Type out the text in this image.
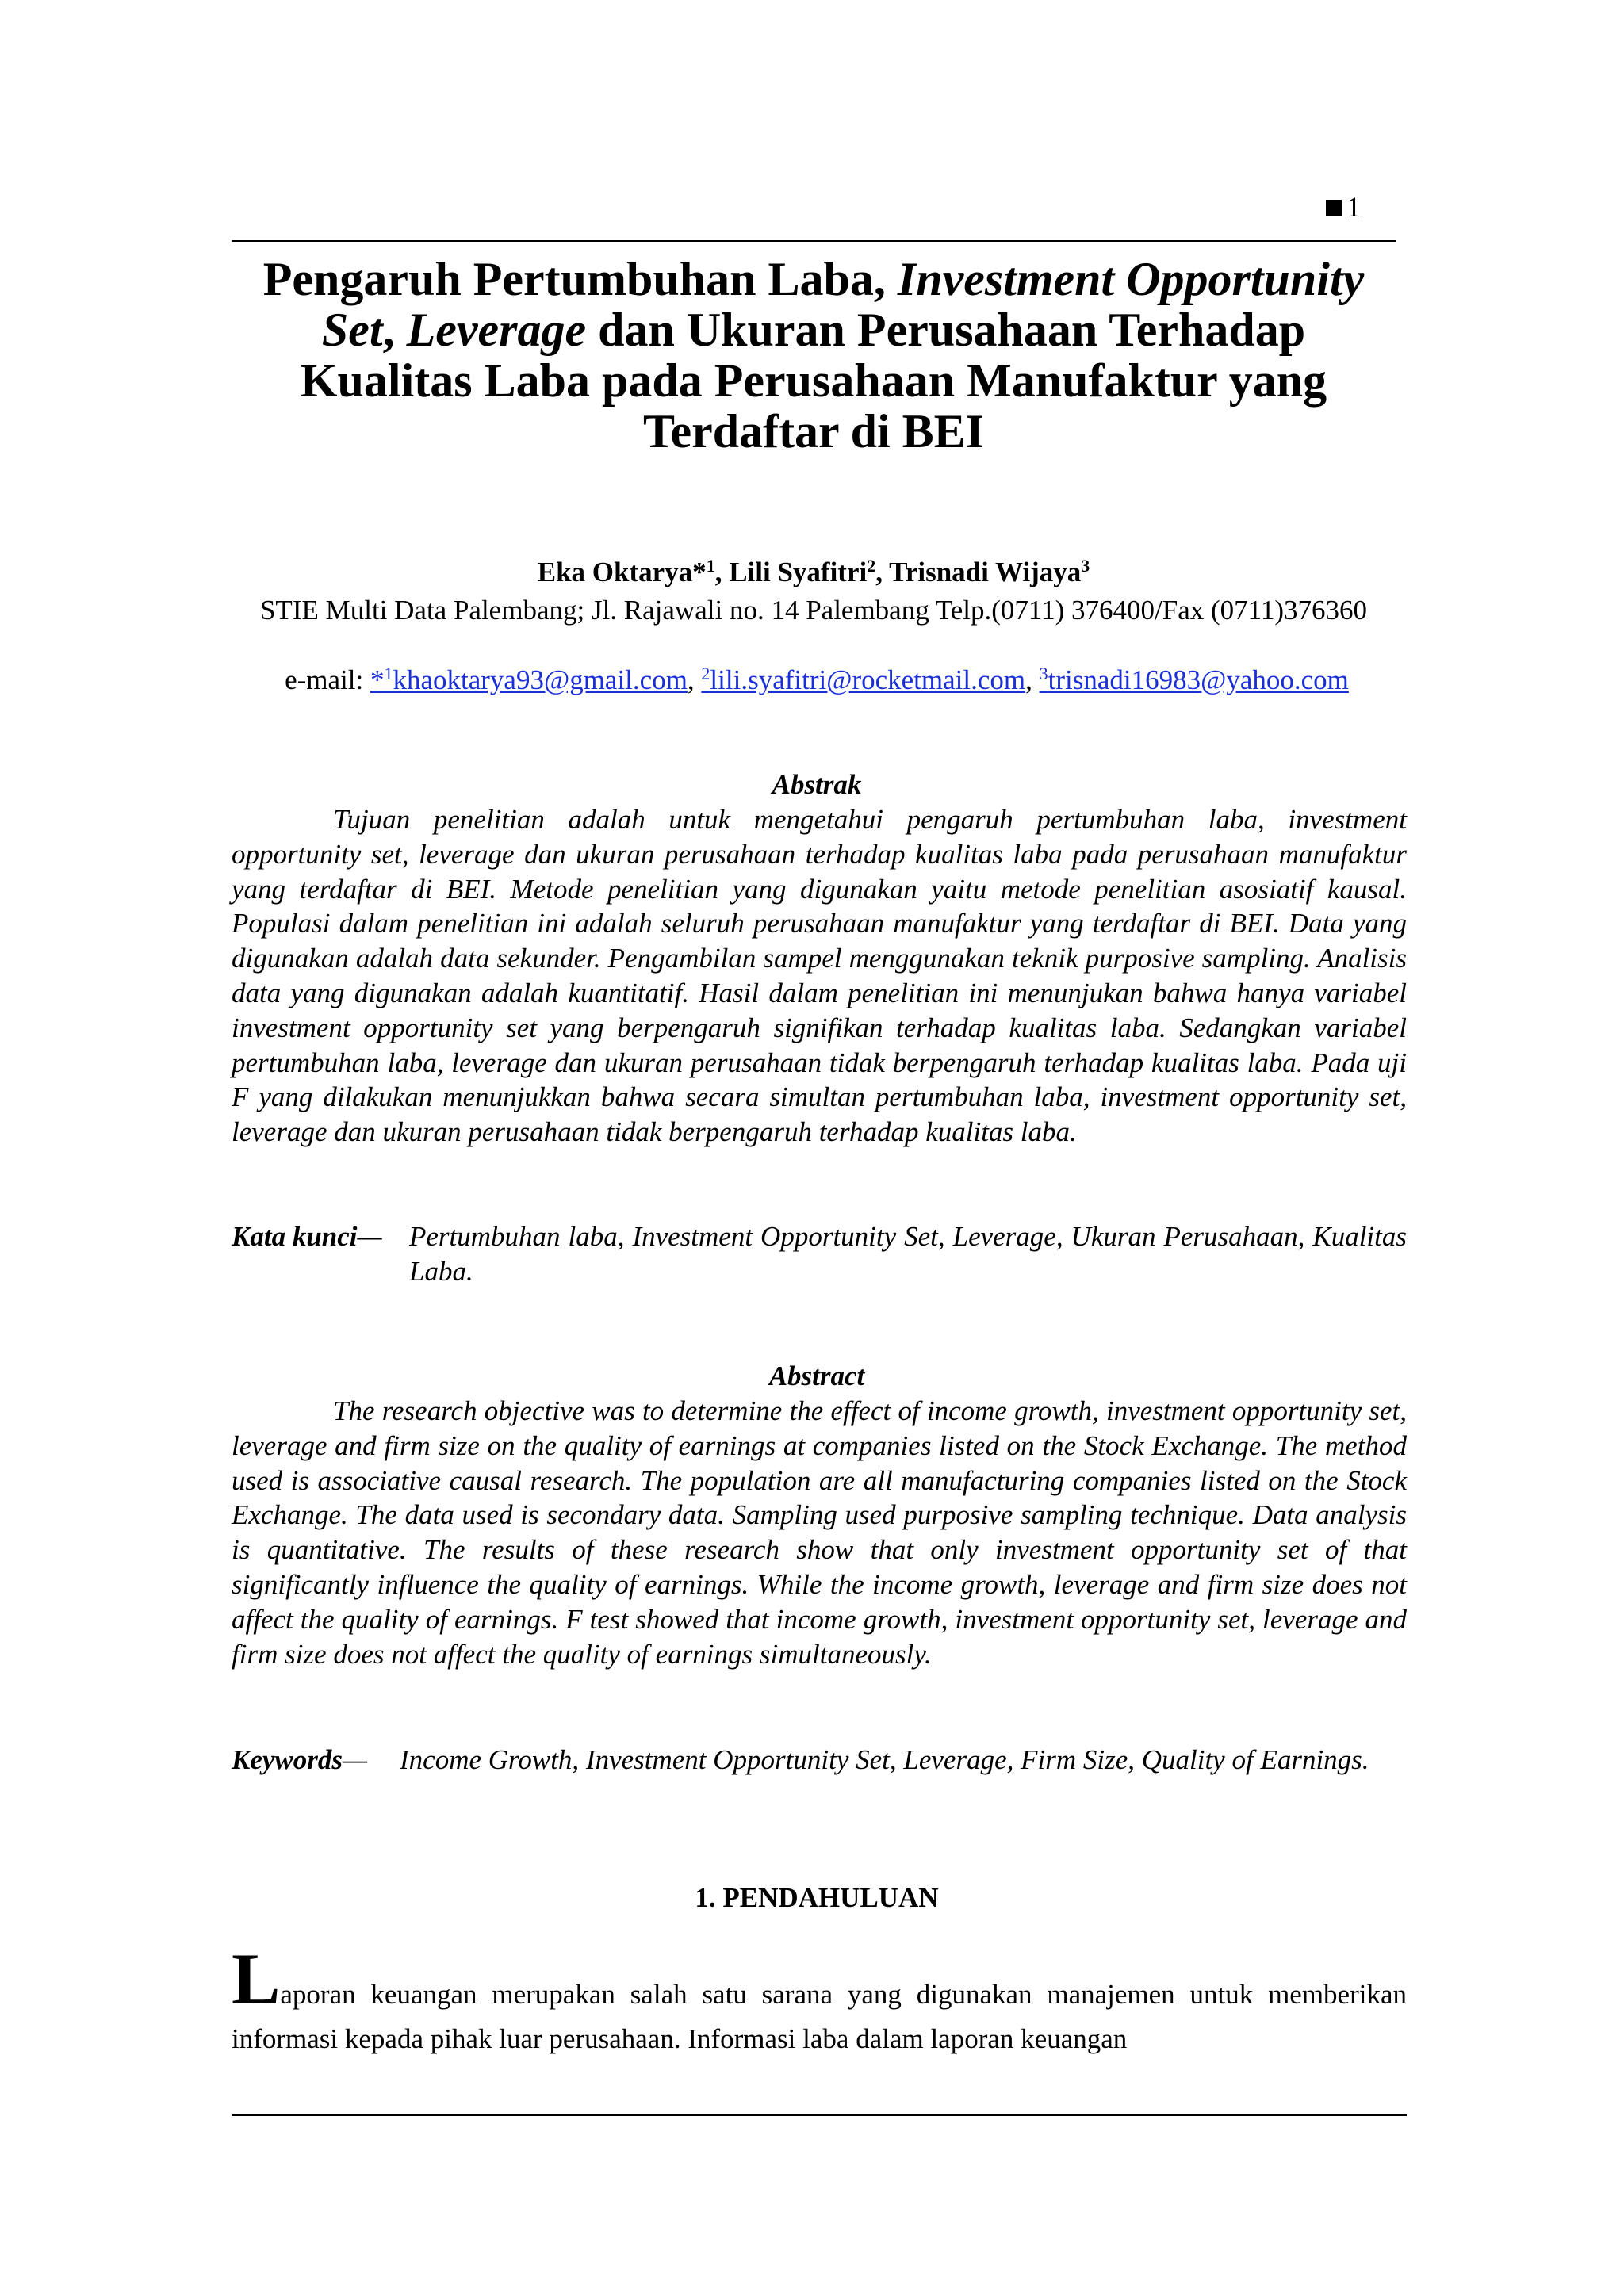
1
Pengaruh Pertumbuhan Laba, Investment Opportunity Set, Leverage dan Ukuran Perusahaan Terhadap Kualitas Laba pada Perusahaan Manufaktur yang Terdaftar di BEI
Eka Oktarya*$^1$, Lili Syafitri$^2$, Trisnadi Wijaya$^3$
STIE Multi Data Palembang; Jl. Rajawali no. 14 Palembang Telp.(0711) 376400/Fax (0711)376360
e-mail: *$^1$khaoktarya93@gmail.com, $^2$lili.syafitri@rocketmail.com, $^3$trisnadi16983@yahoo.com
Abstrak

Tujuan penelitian adalah untuk mengetahui pengaruh pertumbuhan laba, investment opportunity set, leverage dan ukuran perusahaan terhadap kualitas laba pada perusahaan manufaktur yang terdaftar di BEI. Metode penelitian yang digunakan yaitu metode penelitian asosiatif kausal. Populasi dalam penelitian ini adalah seluruh perusahaan manufaktur yang terdaftar di BEI. Data yang digunakan adalah data sekunder. Pengambilan sampel menggunakan teknik purposive sampling. Analisis data yang digunakan adalah kuantitatif. Hasil dalam penelitian ini menunjukan bahwa hanya variabel investment opportunity set yang berpengaruh signifikan terhadap kualitas laba. Sedangkan variabel pertumbuhan laba, leverage dan ukuran perusahaan tidak berpengaruh terhadap kualitas laba. Pada uji F yang dilakukan menunjukkan bahwa secara simultan pertumbuhan laba, investment opportunity set, leverage dan ukuran perusahaan tidak berpengaruh terhadap kualitas laba.

Kata kunci— Pertumbuhan laba, Investment Opportunity Set, Leverage, Ukuran Perusahaan, Kualitas Laba.
Abstract

The research objective was to determine the effect of income growth, investment opportunity set, leverage and firm size on the quality of earnings at companies listed on the Stock Exchange. The method used is associative causal research. The population are all manufacturing companies listed on the Stock Exchange. The data used is secondary data. Sampling used purposive sampling technique. Data analysis is quantitative. The results of these research show that only investment opportunity set of that significantly influence the quality of earnings. While the income growth, leverage and firm size does not affect the quality of earnings. F test showed that income growth, investment opportunity set, leverage and firm size does not affect the quality of earnings simultaneously.

Keywords— Income Growth, Investment Opportunity Set, Leverage, Firm Size, Quality of Earnings.
1. PENDAHULUAN

Laporan keuangan merupakan salah satu sarana yang digunakan manajemen untuk memberikan informasi kepada pihak luar perusahaan. Informasi laba dalam laporan keuangan
